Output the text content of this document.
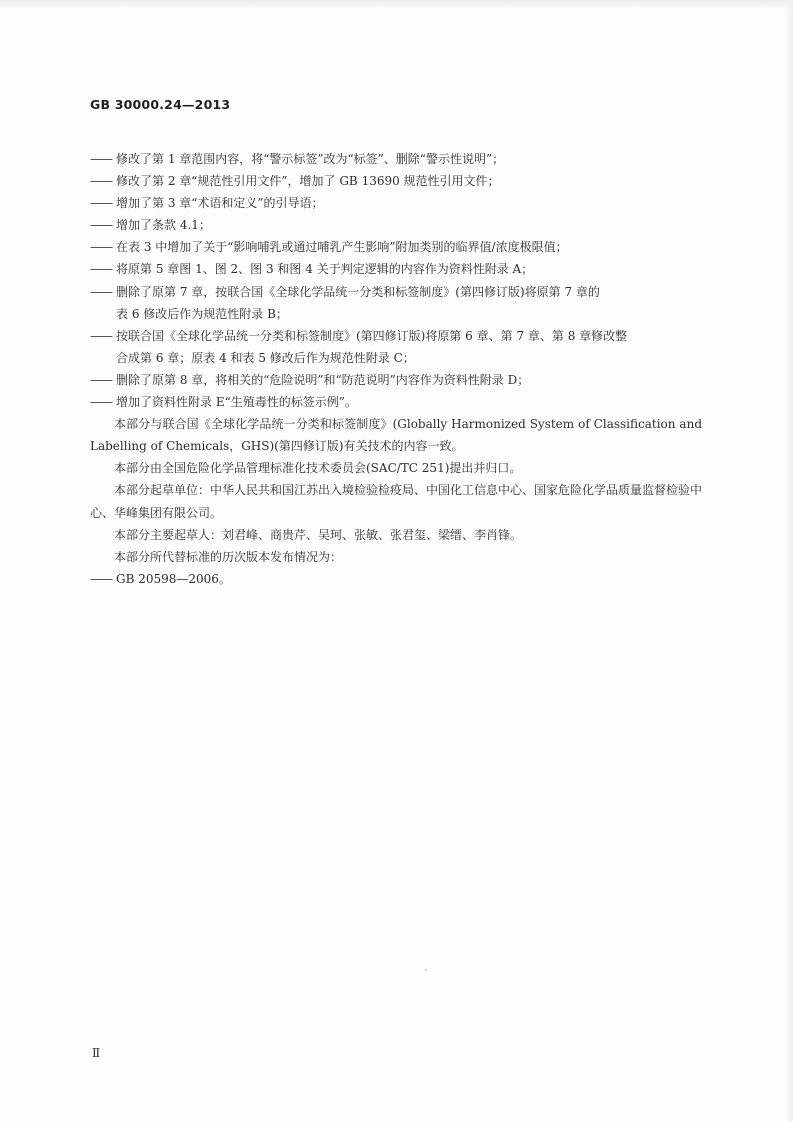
GB 30000.24—2013
—— 修改了第 1 章范围内容，将“警示标签”改为“标签”、删除“警示性说明”；
—— 修改了第 2 章“规范性引用文件”，增加了 GB 13690 规范性引用文件；
—— 增加了第 3 章“术语和定义”的引导语；
—— 增加了条款 4.1；
—— 在表 3 中增加了关于“影响哺乳或通过哺乳产生影响”附加类别的临界值/浓度极限值；
—— 将原第 5 章图 1、图 2、图 3 和图 4 关于判定逻辑的内容作为资料性附录 A；
—— 删除了原第 7 章，按联合国《全球化学品统一分类和标签制度》(第四修订版)将原第 7 章的
表 6 修改后作为规范性附录 B；
—— 按联合国《全球化学品统一分类和标签制度》(第四修订版)将原第 6 章、第 7 章、第 8 章修改整
合成第 6 章；原表 4 和表 5 修改后作为规范性附录 C；
—— 删除了原第 8 章，将相关的“危险说明”和“防范说明”内容作为资料性附录 D；
—— 增加了资料性附录 E“生殖毒性的标签示例”。
本部分与联合国《全球化学品统一分类和标签制度》(Globally Harmonized System of Classification and Labelling of Chemicals，GHS)(第四修订版)有关技术的内容一致。
本部分由全国危险化学品管理标准化技术委员会(SAC/TC 251)提出并归口。
本部分起草单位：中华人民共和国江苏出入境检验检疫局、中国化工信息中心、国家危险化学品质量监督检验中心、华峰集团有限公司。
本部分主要起草人：刘君峰、商贵芹、吴珂、张敏、张君玺、梁缙、李肖锋。
本部分所代替标准的历次版本发布情况为：
—— GB 20598—2006。
Ⅱ
